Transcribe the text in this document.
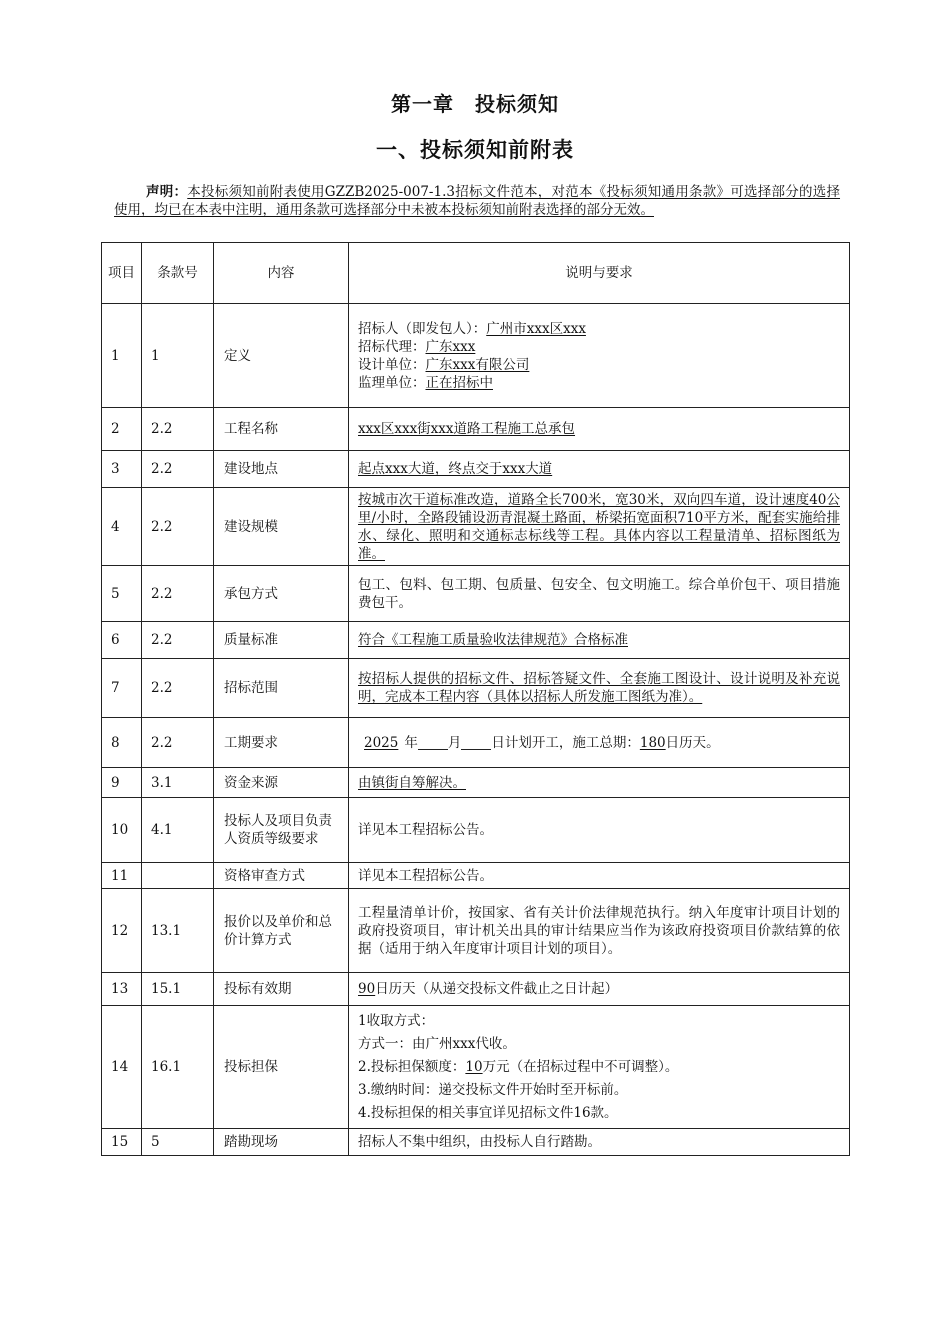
第一章　投标须知
一、投标须知前附表
声明：本投标须知前附表使用GZZB2025-007-1.3招标文件范本，对范本《投标须知通用条款》可选择部分的选择使用，均已在本表中注明，通用条款可选择部分中未被本投标须知前附表选择的部分无效。
项目	条款号	内容	说明与要求
1	1	定义	招标人（即发包人）：广州市xxx区xxx
招标代理：广东xxx
设计单位：广东xxx有限公司
监理单位：正在招标中

2	2.2	工程名称	xxx区xxx街xxx道路工程施工总承包
3	2.2	建设地点	起点xxx大道，终点交于xxx大道
4	2.2	建设规模	按城市次干道标准改造，道路全长700米，宽30米，双向四车道，设计速度40公里/小时，全路段铺设沥青混凝土路面，桥梁拓宽面积710平方米，配套实施给排水、绿化、照明和交通标志标线等工程。具体内容以工程量清单、招标图纸为准。
5	2.2	承包方式	包工、包料、包工期、包质量、包安全、包文明施工。综合单价包干、项目措施费包干。
6	2.2	质量标准	符合《工程施工质量验收法律规范》合格标准
7	2.2	招标范围	按招标人提供的招标文件、招标答疑文件、全套施工图设计、设计说明及补充说明，完成本工程内容（具体以招标人所发施工图纸为准）。
8	2.2	工期要求	2025 年 月 日计划开工，施工总期：180日历天。
9	3.1	资金来源	由镇街自筹解决。
10	4.1	投标人及项目负责人资质等级要求	详见本工程招标公告。
11		资格审查方式	详见本工程招标公告。
12	13.1	报价以及单价和总价计算方式	工程量清单计价，按国家、省有关计价法律规范执行。纳入年度审计项目计划的政府投资项目，审计机关出具的审计结果应当作为该政府投资项目价款结算的依据（适用于纳入年度审计项目计划的项目）。
13	15.1	投标有效期	90日历天（从递交投标文件截止之日计起）
14	16.1	投标担保	1收取方式：
方式一：由广州xxx代收。
2.投标担保额度：10万元（在招标过程中不可调整）。
3.缴纳时间：递交投标文件开始时至开标前。
4.投标担保的相关事宜详见招标文件16款。

15	5	踏勘现场	招标人不集中组织，由投标人自行踏勘。
